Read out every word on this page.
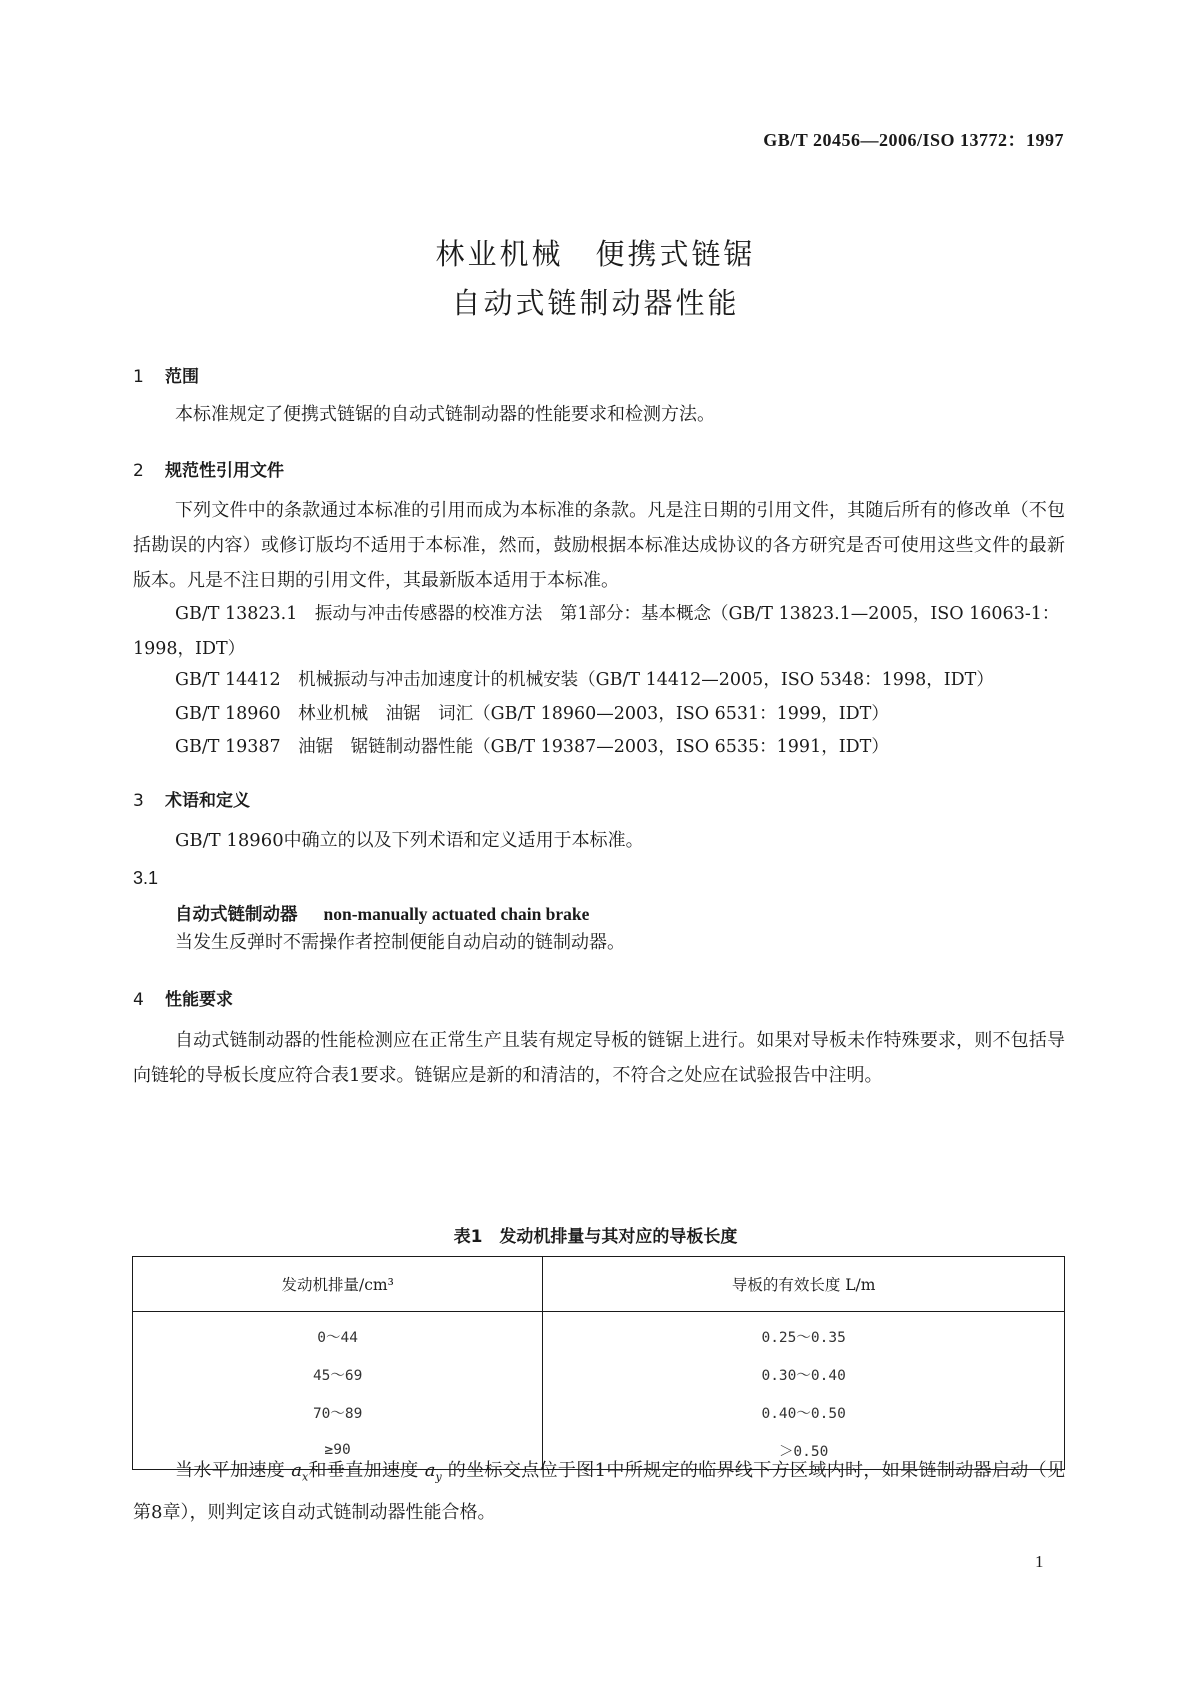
GB/T 20456—2006/ISO 13772：1997
林业机械　便携式链锯
自动式链制动器性能
1 范围
本标准规定了便携式链锯的自动式链制动器的性能要求和检测方法。
2 规范性引用文件
下列文件中的条款通过本标准的引用而成为本标准的条款。凡是注日期的引用文件，其随后所有的修改单（不包括勘误的内容）或修订版均不适用于本标准，然而，鼓励根据本标准达成协议的各方研究是否可使用这些文件的最新版本。凡是不注日期的引用文件，其最新版本适用于本标准。
GB/T 13823.1　振动与冲击传感器的校准方法　第1部分：基本概念（GB/T 13823.1—2005，ISO 16063-1：1998，IDT）
GB/T 14412　机械振动与冲击加速度计的机械安装（GB/T 14412—2005，ISO 5348：1998，IDT）
GB/T 18960　林业机械　油锯　词汇（GB/T 18960—2003，ISO 6531：1999，IDT）
GB/T 19387　油锯　锯链制动器性能（GB/T 19387—2003，ISO 6535：1991，IDT）
3 术语和定义
GB/T 18960中确立的以及下列术语和定义适用于本标准。
3.1
自动式链制动器 non-manually actuated chain brake
当发生反弹时不需操作者控制便能自动启动的链制动器。
4 性能要求
自动式链制动器的性能检测应在正常生产且装有规定导板的链锯上进行。如果对导板未作特殊要求，则不包括导向链轮的导板长度应符合表1要求。链锯应是新的和清洁的，不符合之处应在试验报告中注明。
表1　发动机排量与其对应的导板长度
发动机排量/cm³	导板的有效长度 L/m
0～44	0.25～0.35
45～69	0.30～0.40
70～89	0.40～0.50
≥90	＞0.50
当水平加速度 $a_x$和垂直加速度 $a_y$ 的坐标交点位于图1中所规定的临界线下方区域内时，如果链制动器启动（见第8章），则判定该自动式链制动器性能合格。
1
